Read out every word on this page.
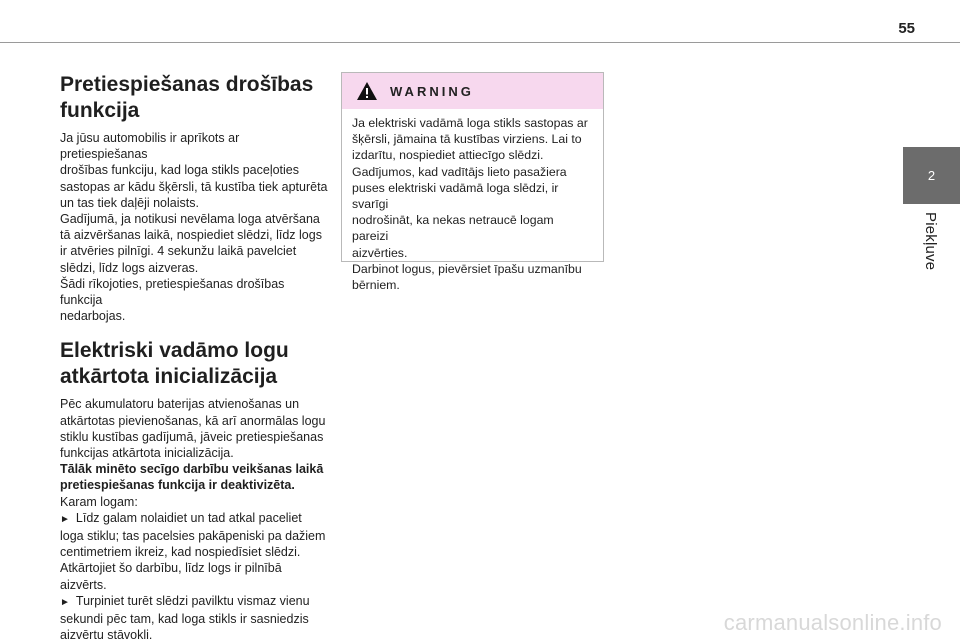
55
2
Piekļuve
Pretiespiešanas drošības
funkcija

Ja jūsu automobilis ir aprīkots ar pretiespiešanas

drošības funkciju, kad loga stikls paceļoties

sastopas ar kādu šķērsli, tā kustība tiek apturēta

un tas tiek daļēji nolaists.

Gadījumā, ja notikusi nevēlama loga atvēršana

tā aizvēršanas laikā, nospiediet slēdzi, līdz logs

ir atvēries pilnīgi. 4 sekunžu laikā pavelciet

slēdzi, līdz logs aizveras.

Šādi rīkojoties, pretiespiešanas drošības funkcija

nedarbojas.

Elektriski vadāmo logu
atkārtota inicializācija

Pēc akumulatoru baterijas atvienošanas un

atkārtotas pievienošanas, kā arī anormālas logu

stiklu kustības gadījumā, jāveic pretiespiešanas

funkcijas atkārtota inicializācija.

Tālāk minēto secīgo darbību veikšanas laikā

pretiespiešanas funkcija ir deaktivizēta.

Karam logam:

► Līdz galam nolaidiet un tad atkal paceliet

loga stiklu; tas pacelsies pakāpeniski pa dažiem

centimetriem ikreiz, kad nospiedīsiet slēdzi.

Atkārtojiet šo darbību, līdz logs ir pilnībā aizvērts.

► Turpiniet turēt slēdzi pavilktu vismaz vienu

sekundi pēc tam, kad loga stikls ir sasniedzis

aizvērtu stāvokli.

WARNING

Ja elektriski vadāmā loga stikls sastopas ar

šķērsli, jāmaina tā kustības virziens. Lai to

izdarītu, nospiediet attiecīgo slēdzi.

Gadījumos, kad vadītājs lieto pasažiera

puses elektriski vadāmā loga slēdzi, ir svarīgi

nodrošināt, ka nekas netraucē logam pareizi

aizvērties.

Darbinot logus, pievērsiet īpašu uzmanību

bērniem.

carmanualsonline.info
